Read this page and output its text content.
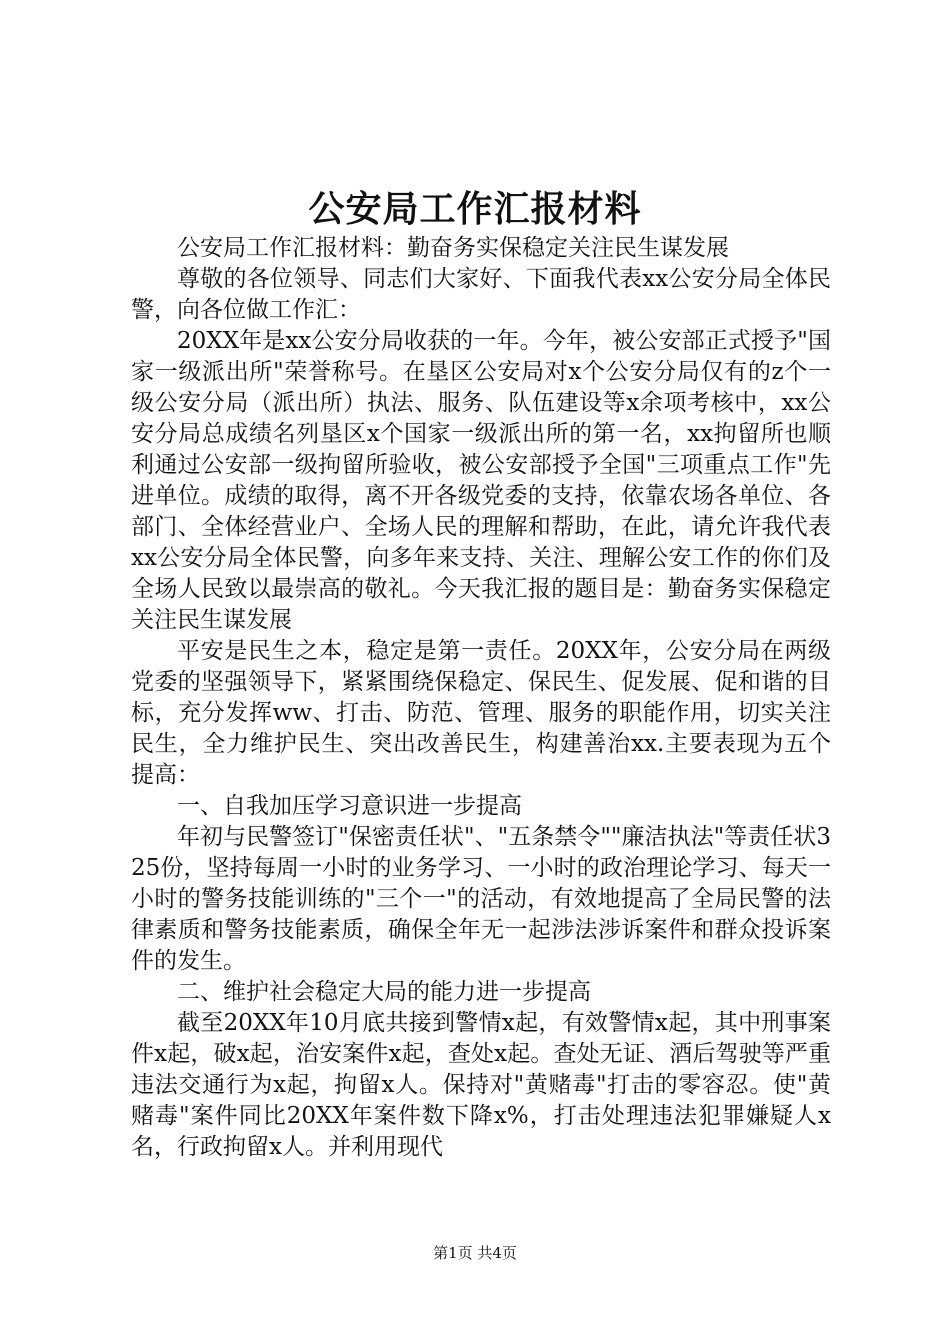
公安局工作汇报材料

公安局工作汇报材料：勤奋务实保稳定关注民生谋发展

尊敬的各位领导、同志们大家好、下面我代表xx公安分局全体民警，向各位做工作汇：

20XX年是xx公安分局收获的一年。今年，被公安部正式授予"国家一级派出所"荣誉称号。在垦区公安局对x个公安分局仅有的z个一级公安分局（派出所）执法、服务、队伍建设等x余项考核中，xx公安分局总成绩名列垦区x个国家一级派出所的第一名，xx拘留所也顺利通过公安部一级拘留所验收，被公安部授予全国"三项重点工作"先进单位。成绩的取得，离不开各级党委的支持，依靠农场各单位、各部门、全体经营业户、全场人民的理解和帮助，在此，请允许我代表xx公安分局全体民警，向多年来支持、关注、理解公安工作的你们及全场人民致以最崇高的敬礼。今天我汇报的题目是：勤奋务实保稳定关注民生谋发展

平安是民生之本，稳定是第一责任。20XX年，公安分局在两级党委的坚强领导下，紧紧围绕保稳定、保民生、促发展、促和谐的目标，充分发挥ww、打击、防范、管理、服务的职能作用，切实关注民生，全力维护民生、突出改善民生，构建善治xx.主要表现为五个提高：

一、自我加压学习意识进一步提高

年初与民警签订"保密责任状"、"五条禁令""廉洁执法"等责任状325份，坚持每周一小时的业务学习、一小时的政治理论学习、每天一小时的警务技能训练的"三个一"的活动，有效地提高了全局民警的法律素质和警务技能素质，确保全年无一起涉法涉诉案件和群众投诉案件的发生。

二、维护社会稳定大局的能力进一步提高

截至20XX年10月底共接到警情x起，有效警情x起，其中刑事案件x起，破x起，治安案件x起，查处x起。查处无证、酒后驾驶等严重违法交通行为x起，拘留x人。保持对"黄赌毒"打击的零容忍。使"黄赌毒"案件同比20XX年案件数下降x%，打击处理违法犯罪嫌疑人x名，行政拘留x人。并利用现代

第1页 共4页
